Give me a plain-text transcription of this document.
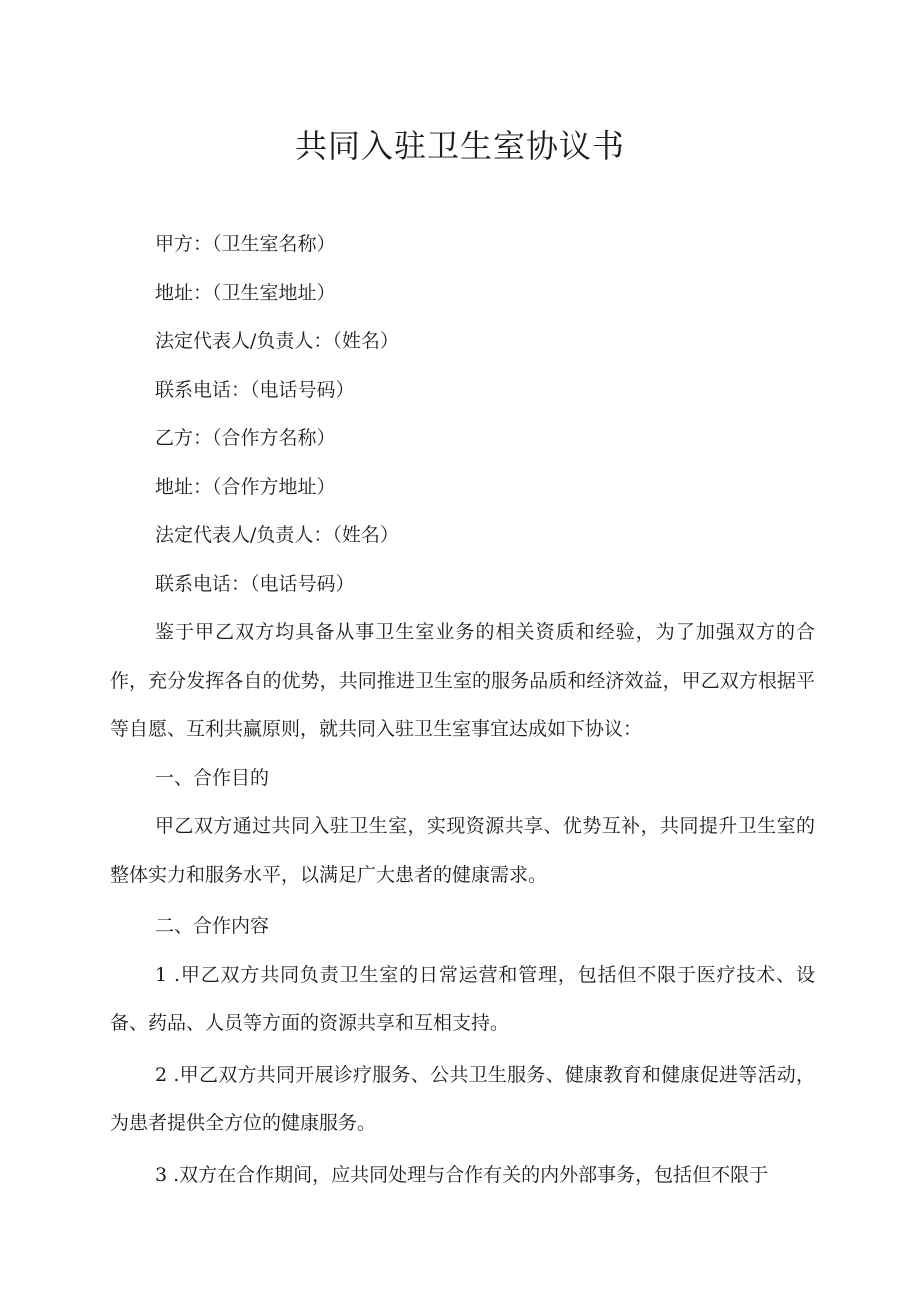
共同入驻卫生室协议书

甲方：（卫生室名称）

地址：（卫生室地址）

法定代表人/负责人：（姓名）

联系电话：（电话号码）

乙方：（合作方名称）

地址：（合作方地址）

法定代表人/负责人：（姓名）

联系电话：（电话号码）

鉴于甲乙双方均具备从事卫生室业务的相关资质和经验，为了加强双方的合作，充分发挥各自的优势，共同推进卫生室的服务品质和经济效益，甲乙双方根据平等自愿、互利共赢原则，就共同入驻卫生室事宜达成如下协议：

一、合作目的

甲乙双方通过共同入驻卫生室，实现资源共享、优势互补，共同提升卫生室的整体实力和服务水平，以满足广大患者的健康需求。

二、合作内容

1 .甲乙双方共同负责卫生室的日常运营和管理，包括但不限于医疗技术、设备、药品、人员等方面的资源共享和互相支持。

2 .甲乙双方共同开展诊疗服务、公共卫生服务、健康教育和健康促进等活动，为患者提供全方位的健康服务。

3 .双方在合作期间，应共同处理与合作有关的内外部事务，包括但不限于
